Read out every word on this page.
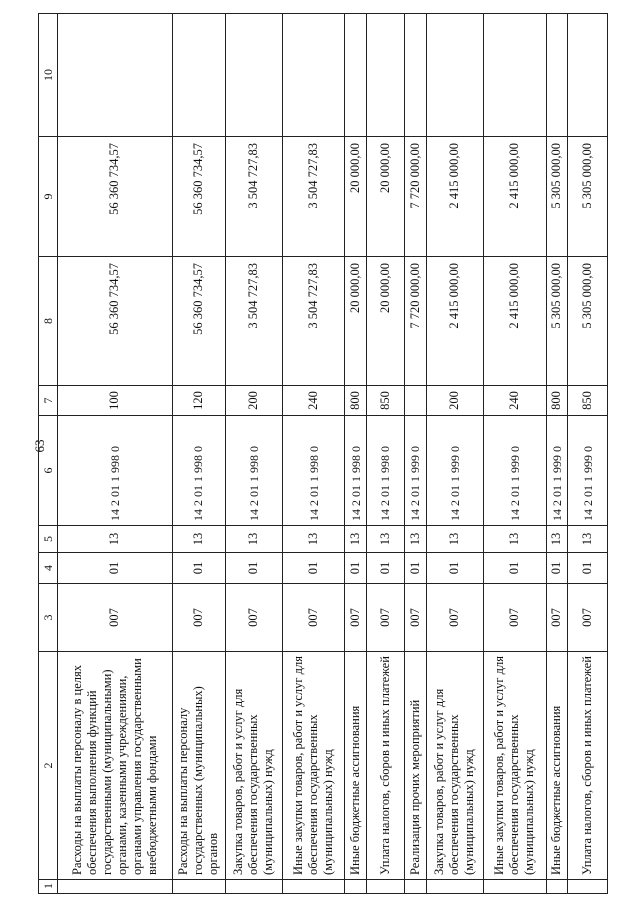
63
1	2	3	4	5	6	7	8	9	10
	Расходы на выплаты персоналу в целях обеспечения выполнения функций государственными (муниципальными) органами, казенными учреждениями, органами управления государственными внебюджетными фондами	007	01	13	14 2 01 1 998 0	100	56 360 734,57	56 360 734,57	
	Расходы на выплаты персоналу государственных (муниципальных) органов	007	01	13	14 2 01 1 998 0	120	56 360 734,57	56 360 734,57	
	Закупка товаров, работ и услуг для обеспечения государственных (муниципальных) нужд	007	01	13	14 2 01 1 998 0	200	3 504 727,83	3 504 727,83	
	Иные закупки товаров, работ и услуг для обеспечения государственных (муниципальных) нужд	007	01	13	14 2 01 1 998 0	240	3 504 727,83	3 504 727,83	
	Иные бюджетные ассигнования	007	01	13	14 2 01 1 998 0	800	20 000,00	20 000,00	
	Уплата налогов, сборов и иных платежей	007	01	13	14 2 01 1 998 0	850	20 000,00	20 000,00	
	Реализация прочих мероприятий	007	01	13	14 2 01 1 999 0		7 720 000,00	7 720 000,00	
	Закупка товаров, работ и услуг для обеспечения государственных (муниципальных) нужд	007	01	13	14 2 01 1 999 0	200	2 415 000,00	2 415 000,00	
	Иные закупки товаров, работ и услуг для обеспечения государственных (муниципальных) нужд	007	01	13	14 2 01 1 999 0	240	2 415 000,00	2 415 000,00	
	Иные бюджетные ассигнования	007	01	13	14 2 01 1 999 0	800	5 305 000,00	5 305 000,00	
	Уплата налогов, сборов и иных платежей	007	01	13	14 2 01 1 999 0	850	5 305 000,00	5 305 000,00	
